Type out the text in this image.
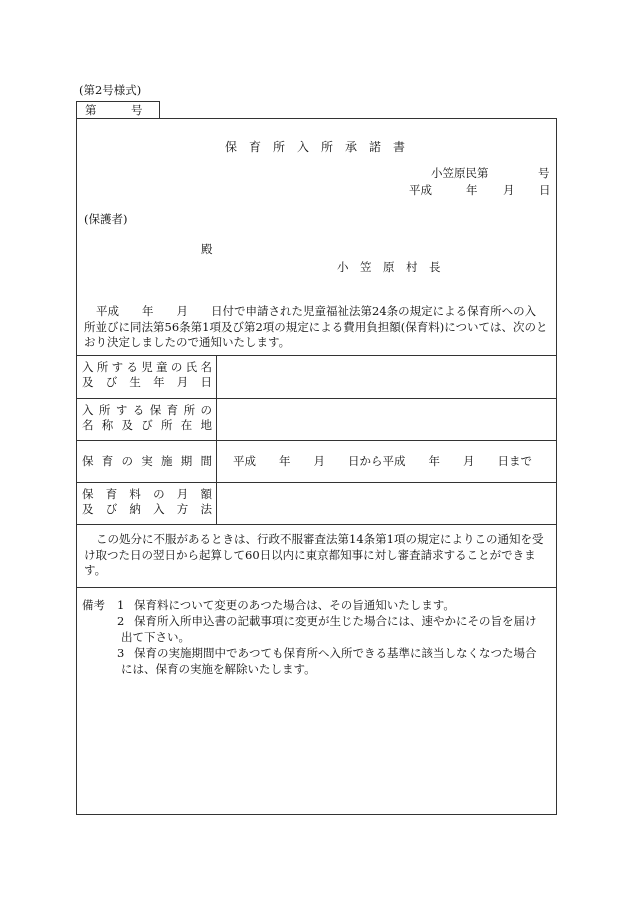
(第2号様式)
第	号
保　育　所　入　所　承　諾　書
小笠原民第	号
平成	年 月 日
(保護者)
殿
小　笠　原　村　長
平成　　年　　月　　日付で申請された児童福祉法第24条の規定による保育所への入
所並びに同法第56条第1項及び第2項の規定による費用負担額(保育料)については、次のと
おり決定しましたので通知いたします。
入所する児童の氏名
及び生年月日
入所する保育所の
名称及び所在地
保育の実施期間 平成　　年　　月　　日から平成　　年　　月　　日まで
保育料の月額
及び納入方法
この処分に不服があるときは、行政不服審査法第14条第1項の規定によりこの通知を受
け取つた日の翌日から起算して60日以内に東京都知事に対し審査請求することができま
す。
備考 1 保育料について変更のあつた場合は、その旨通知いたします。
2 保育所入所申込書の記載事項に変更が生じた場合には、速やかにその旨を届け
出て下さい。
3 保育の実施期間中であつても保育所へ入所できる基準に該当しなくなつた場合
には、保育の実施を解除いたします。
